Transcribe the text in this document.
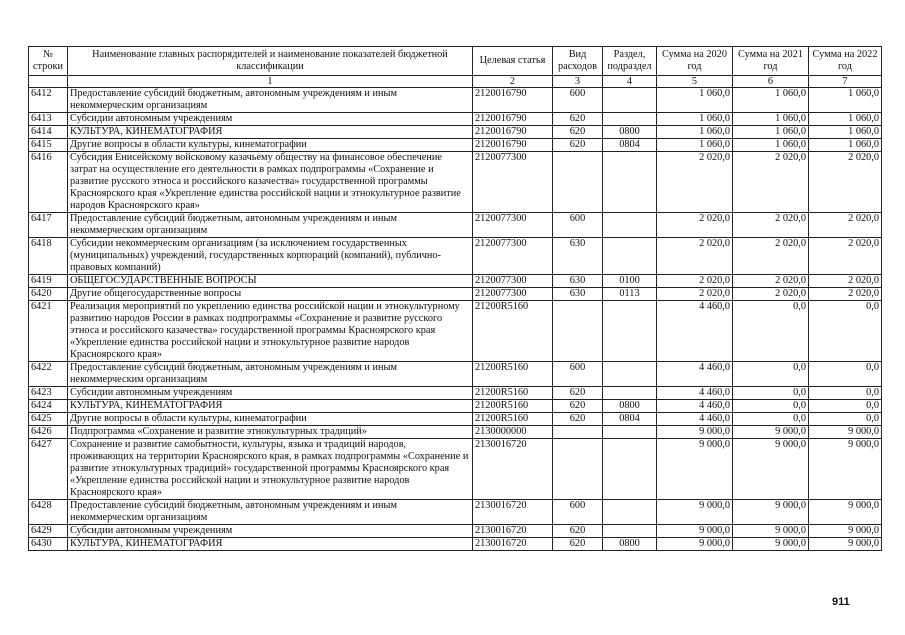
№ строки	Наименование главных распорядителей и наименование показателей бюджетной классификации	Целевая статья	Вид расходов	Раздел, подраздел	Сумма на 2020 год	Сумма на 2021 год	Сумма на 2022 год
	1	2	3	4	5	6	7
6412	Предоставление субсидий бюджетным, автономным учреждениям и иным некоммерческим организациям	2120016790	600		1 060,0	1 060,0	1 060,0
6413	Субсидии автономным учреждениям	2120016790	620		1 060,0	1 060,0	1 060,0
6414	КУЛЬТУРА, КИНЕМАТОГРАФИЯ	2120016790	620	0800	1 060,0	1 060,0	1 060,0
6415	Другие вопросы в области культуры, кинематографии	2120016790	620	0804	1 060,0	1 060,0	1 060,0
6416	Субсидия Енисейскому войсковому казачьему обществу на финансовое обеспечение затрат на осуществление его деятельности в рамках подпрограммы «Сохранение и развитие русского этноса и российского казачества» государственной программы Красноярского края «Укрепление единства российской нации и этнокультурное развитие народов Красноярского края»	2120077300			2 020,0	2 020,0	2 020,0
6417	Предоставление субсидий бюджетным, автономным учреждениям и иным некоммерческим организациям	2120077300	600		2 020,0	2 020,0	2 020,0
6418	Субсидии некоммерческим организациям (за исключением государственных (муниципальных) учреждений, государственных корпораций (компаний), публично-правовых компаний)	2120077300	630		2 020,0	2 020,0	2 020,0
6419	ОБЩЕГОСУДАРСТВЕННЫЕ ВОПРОСЫ	2120077300	630	0100	2 020,0	2 020,0	2 020,0
6420	Другие общегосударственные вопросы	2120077300	630	0113	2 020,0	2 020,0	2 020,0
6421	Реализация мероприятий по укреплению единства российской нации и этнокультурному развитию народов России в рамках подпрограммы «Сохранение и развитие русского этноса и российского казачества» государственной программы Красноярского края «Укрепление единства российской нации и этнокультурное развитие народов Красноярского края»	21200R5160			4 460,0	0,0	0,0
6422	Предоставление субсидий бюджетным, автономным учреждениям и иным некоммерческим организациям	21200R5160	600		4 460,0	0,0	0,0
6423	Субсидии автономным учреждениям	21200R5160	620		4 460,0	0,0	0,0
6424	КУЛЬТУРА, КИНЕМАТОГРАФИЯ	21200R5160	620	0800	4 460,0	0,0	0,0
6425	Другие вопросы в области культуры, кинематографии	21200R5160	620	0804	4 460,0	0,0	0,0
6426	Подпрограмма «Сохранение и развитие этнокультурных традиций»	2130000000			9 000,0	9 000,0	9 000,0
6427	Сохранение и развитие самобытности, культуры, языка и традиций народов, проживающих на территории Красноярского края, в рамках подпрограммы «Сохранение и развитие этнокультурных традиций» государственной программы Красноярского края «Укрепление единства российской нации и этнокультурное развитие народов Красноярского края»	2130016720			9 000,0	9 000,0	9 000,0
6428	Предоставление субсидий бюджетным, автономным учреждениям и иным некоммерческим организациям	2130016720	600		9 000,0	9 000,0	9 000,0
6429	Субсидии автономным учреждениям	2130016720	620		9 000,0	9 000,0	9 000,0
6430	КУЛЬТУРА, КИНЕМАТОГРАФИЯ	2130016720	620	0800	9 000,0	9 000,0	9 000,0
911
